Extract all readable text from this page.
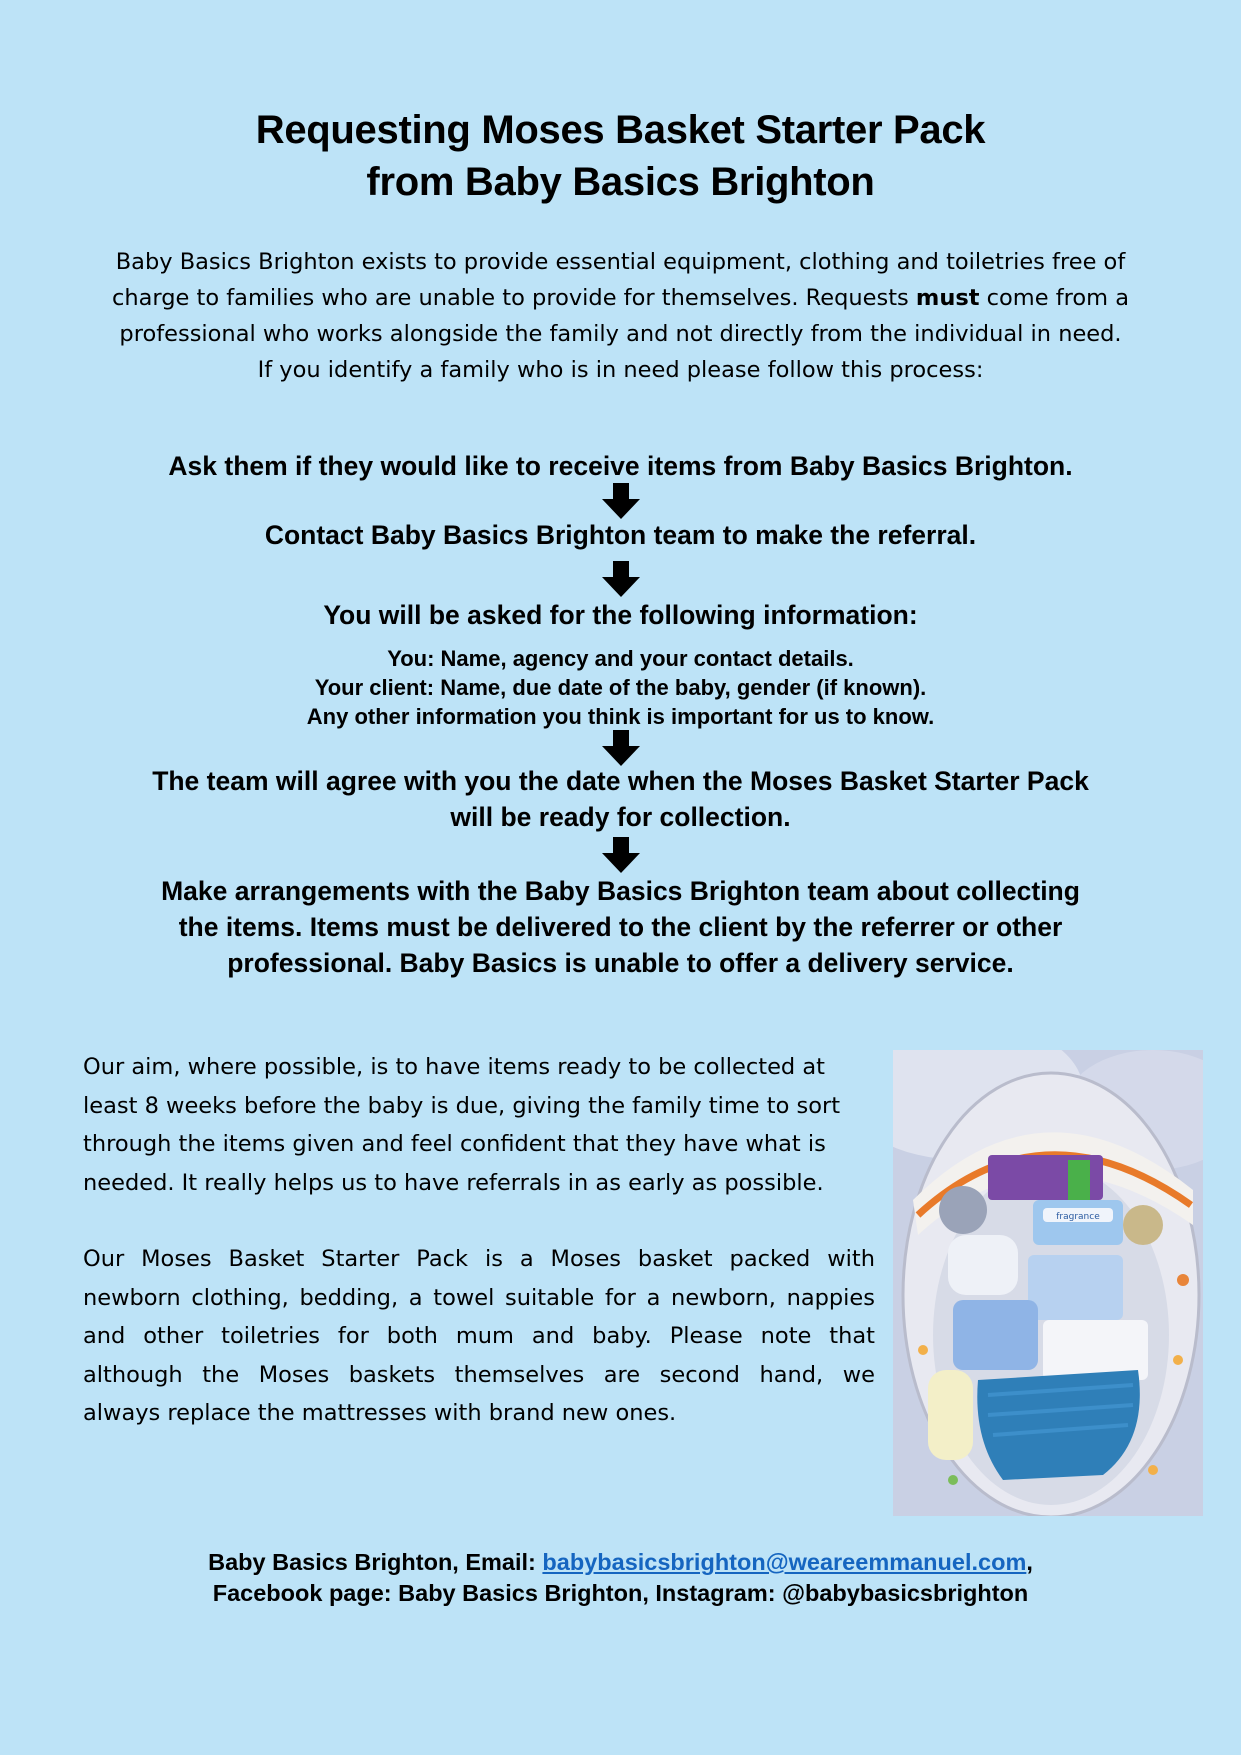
Requesting Moses Basket Starter Pack
from Baby Basics Brighton
Baby Basics Brighton exists to provide essential equipment, clothing and toiletries free of
charge to families who are unable to provide for themselves. Requests must come from a
professional who works alongside the family and not directly from the individual in need.
If you identify a family who is in need please follow this process:
Ask them if they would like to receive items from Baby Basics Brighton.
Contact Baby Basics Brighton team to make the referral.
You will be asked for the following information:
You: Name, agency and your contact details.
Your client: Name, due date of the baby, gender (if known).
Any other information you think is important for us to know.
The team will agree with you the date when the Moses Basket Starter Pack
will be ready for collection.
Make arrangements with the Baby Basics Brighton team about collecting
the items. Items must be delivered to the client by the referrer or other
professional. Baby Basics is unable to offer a delivery service.
Our aim, where possible, is to have items ready to be collected at
least 8 weeks before the baby is due, giving the family time to sort
through the items given and feel confident that they have what is
needed. It really helps us to have referrals in as early as possible.
Our Moses Basket Starter Pack is a Moses basket packed with
newborn clothing, bedding, a towel suitable for a newborn, nappies
and other toiletries for both mum and baby. Please note that
although the Moses baskets themselves are second hand, we
always replace the mattresses with brand new ones.
fragrance
Baby Basics Brighton, Email: babybasicsbrighton@weareemmanuel.com,
Facebook page: Baby Basics Brighton, Instagram: @babybasicsbrighton
